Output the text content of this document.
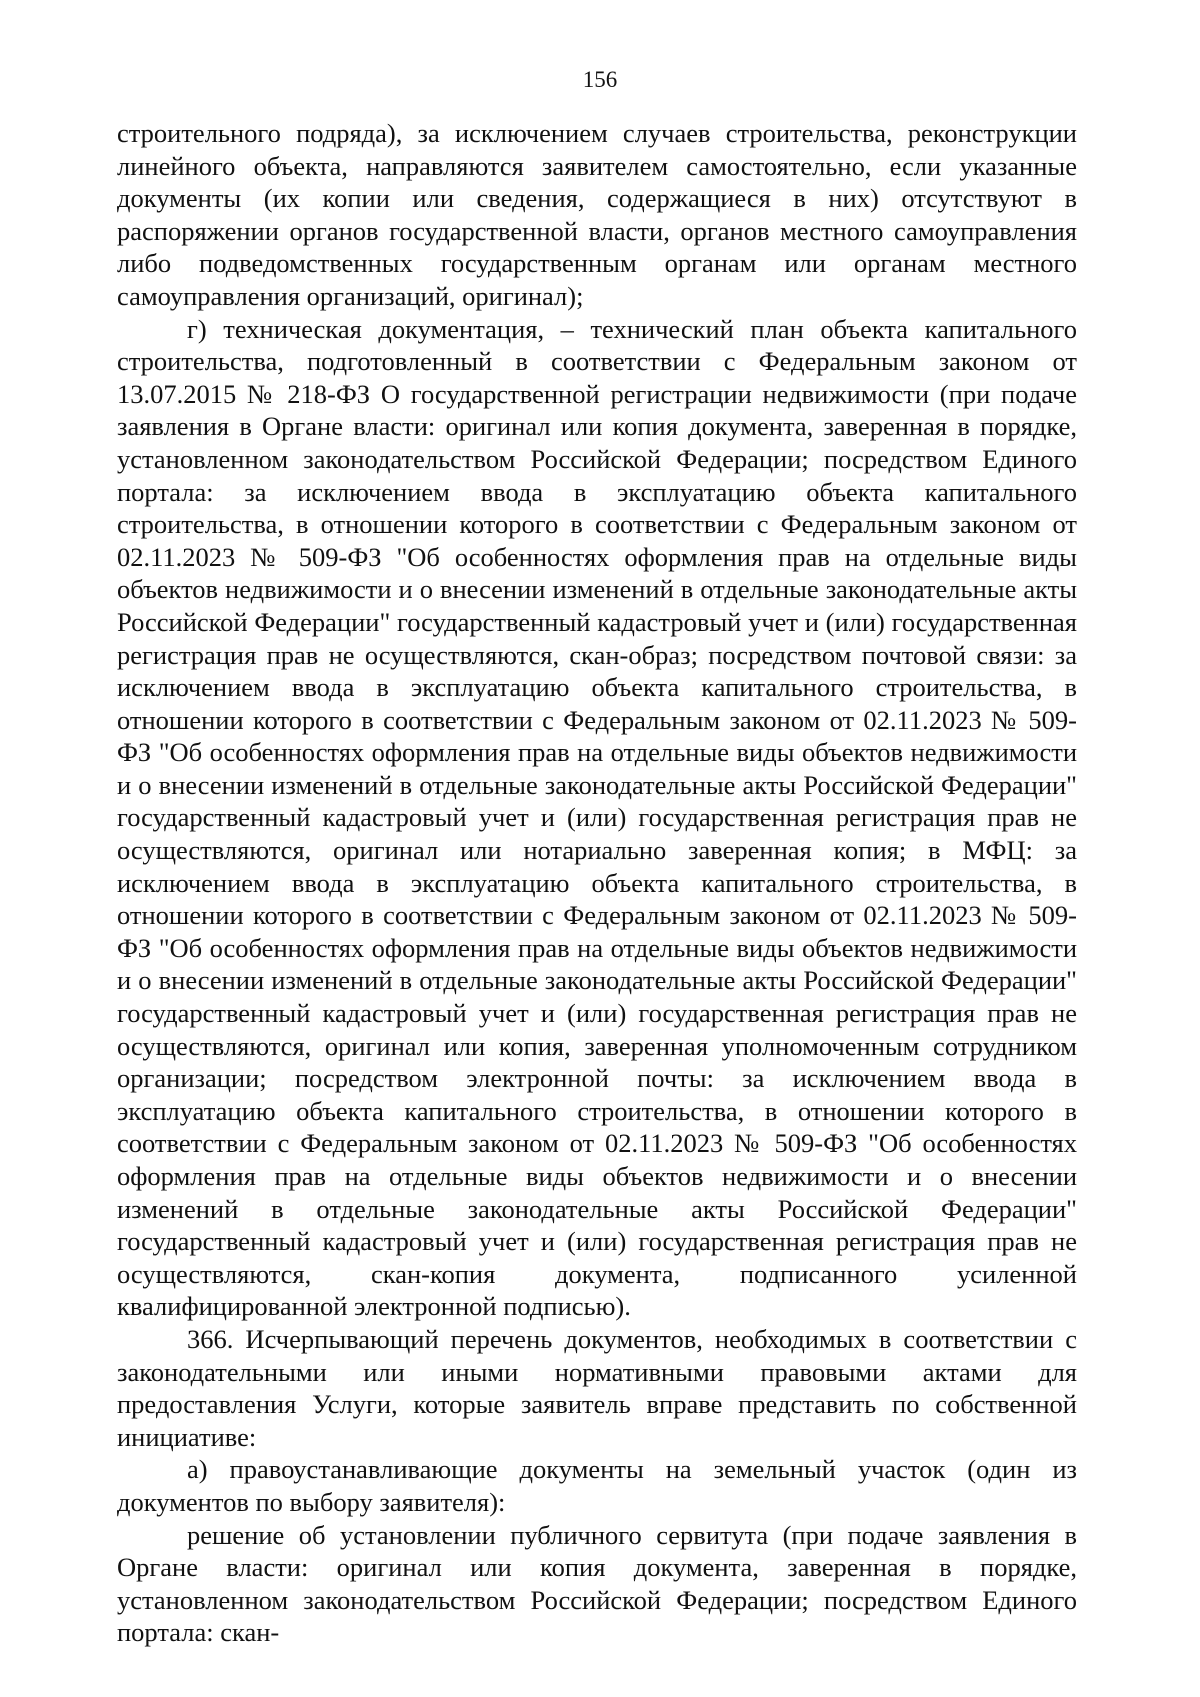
156

строительного подряда), за исключением случаев строительства, реконструкции линейного объекта, направляются заявителем самостоятельно, если указанные документы (их копии или сведения, содержащиеся в них) отсутствуют в распоряжении органов государственной власти, органов местного самоуправления либо подведомственных государственным органам или органам местного самоуправления организаций, оригинал);

г) техническая документация, – технический план объекта капитального строительства, подготовленный в соответствии с Федеральным законом от 13.07.2015 № 218-ФЗ О государственной регистрации недвижимости (при подаче заявления в Органе власти: оригинал или копия документа, заверенная в порядке, установленном законодательством Российской Федерации; посредством Единого портала: за исключением ввода в эксплуатацию объекта капитального строительства, в отношении которого в соответствии с Федеральным законом от 02.11.2023 № 509-ФЗ "Об особенностях оформления прав на отдельные виды объектов недвижимости и о внесении изменений в отдельные законодательные акты Российской Федерации" государственный кадастровый учет и (или) государственная регистрация прав не осуществляются, скан-образ; посредством почтовой связи: за исключением ввода в эксплуатацию объекта капитального строительства, в отношении которого в соответствии с Федеральным законом от 02.11.2023 № 509-ФЗ "Об особенностях оформления прав на отдельные виды объектов недвижимости и о внесении изменений в отдельные законодательные акты Российской Федерации" государственный кадастровый учет и (или) государственная регистрация прав не осуществляются, оригинал или нотариально заверенная копия; в МФЦ: за исключением ввода в эксплуатацию объекта капитального строительства, в отношении которого в соответствии с Федеральным законом от 02.11.2023 № 509-ФЗ "Об особенностях оформления прав на отдельные виды объектов недвижимости и о внесении изменений в отдельные законодательные акты Российской Федерации" государственный кадастровый учет и (или) государственная регистрация прав не осуществляются, оригинал или копия, заверенная уполномоченным сотрудником организации; посредством электронной почты: за исключением ввода в эксплуатацию объекта капитального строительства, в отношении которого в соответствии с Федеральным законом от 02.11.2023 № 509-ФЗ "Об особенностях оформления прав на отдельные виды объектов недвижимости и о внесении изменений в отдельные законодательные акты Российской Федерации" государственный кадастровый учет и (или) государственная регистрация прав не осуществляются, скан-копия документа, подписанного усиленной квалифицированной электронной подписью).

366. Исчерпывающий перечень документов, необходимых в соответствии с законодательными или иными нормативными правовыми актами для предоставления Услуги, которые заявитель вправе представить по собственной инициативе:

а) правоустанавливающие документы на земельный участок (один из документов по выбору заявителя):

решение об установлении публичного сервитута (при подаче заявления в Органе власти: оригинал или копия документа, заверенная в порядке, установленном законодательством Российской Федерации; посредством Единого портала: скан-
